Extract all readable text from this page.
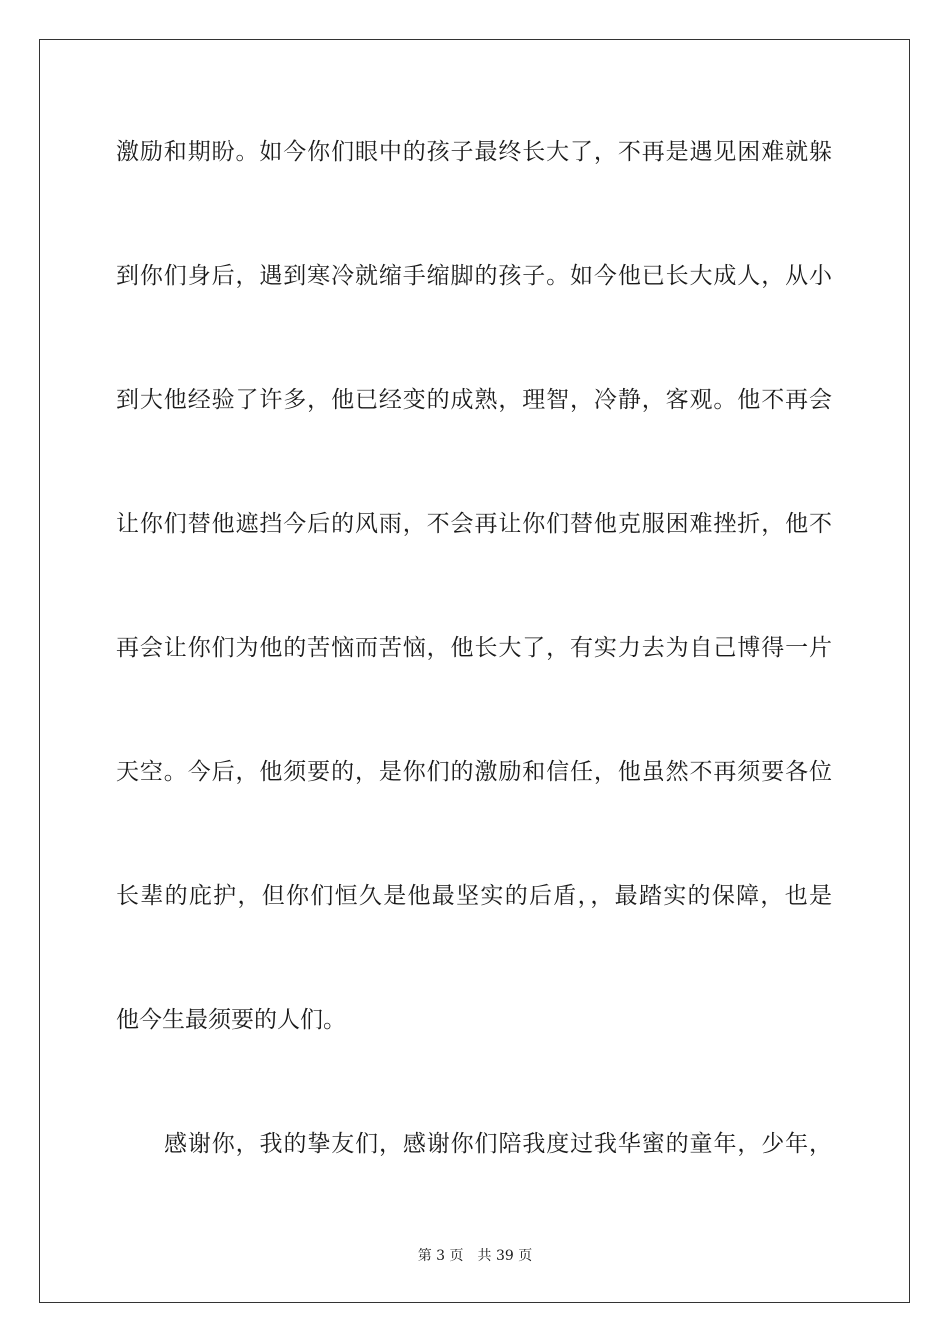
激励和期盼。如今你们眼中的孩子最终长大了，不再是遇见困难就躲
到你们身后，遇到寒冷就缩手缩脚的孩子。如今他已长大成人，从小
到大他经验了许多，他已经变的成熟，理智，冷静，客观。他不再会
让你们替他遮挡今后的风雨，不会再让你们替他克服困难挫折，他不
再会让你们为他的苦恼而苦恼，他长大了，有实力去为自己博得一片
天空。今后，他须要的，是你们的激励和信任，他虽然不再须要各位
长辈的庇护，但你们恒久是他最坚实的后盾，，最踏实的保障，也是
他今生最须要的人们。
感谢你，我的挚友们，感谢你们陪我度过我华蜜的童年，少年，
第 3 页 共 39 页
